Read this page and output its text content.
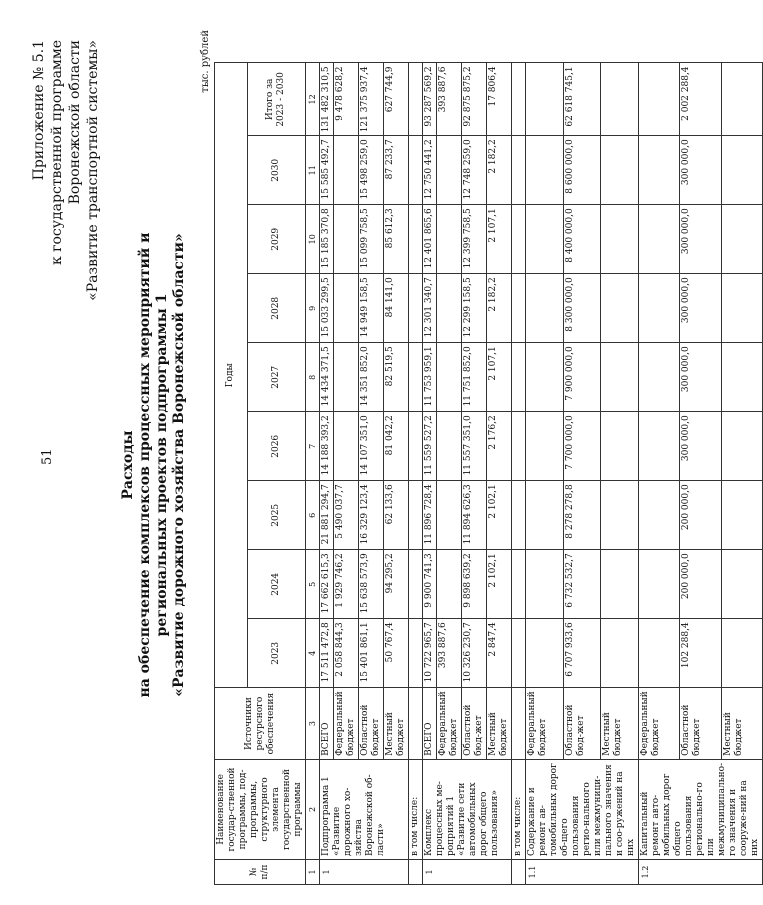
51
Приложение № 5.1 к государственной программе Воронежской области «Развитие транспортной системы»
Расходы на обеспечение комплексов процессных мероприятий и региональных проектов подпрограммы 1 «Развитие дорожного хозяйства Воронежской области»
тыс. рублей
№ п/п	Наименование государ-ственной программы, под-программы, структурного элемента государственной программы	Источники ресурсного обеспечения	Годы								
			2023	2024	2025	2026	2027	2028	2029	2030	Итого за 2023 - 2030
1	2	3	4	5	6	7	8	9	10	11	12
1	Подпрограмма 1 «Развитие дорожного хо-зяйства Воронежской об-ласти»	ВСЕГО	17 511 472,8	17 662 615,3	21 881 294,7	14 188 393,2	14 434 371,5	15 033 299,5	15 185 370,8	15 585 492,7	131 482 310,5
		Федеральный бюджет	2 058 844,3	1 929 746,2	5 490 037,7						9 478 628,2
		Областной бюджет	15 401 861,1	15 638 573,9	16 329 123,4	14 107 351,0	14 351 852,0	14 949 158,5	15 099 758,5	15 498 259,0	121 375 937,4
		Местный бюджет	50 767,4	94 295,2	62 133,6	81 042,2	82 519,5	84 141,0	85 612,3	87 233,7	627 744,9
	в том числе:										
1	Комплекс процессных ме-роприятий 1 «Развитие сети автомобильных дорог общего пользования»	ВСЕГО	10 722 965,7	9 900 741,3	11 896 728,4	11 559 527,2	11 753 959,1	12 301 340,7	12 401 865,6	12 750 441,2	93 287 569,2
		Федеральный бюджет	393 887,6								393 887,6
		Областной бюд-жет	10 326 230,7	9 898 639,2	11 894 626,3	11 557 351,0	11 751 852,0	12 299 158,5	12 399 758,5	12 748 259,0	92 875 875,2
		Местный бюджет	2 847,4	2 102,1	2 102,1	2 176,2	2 107,1	2 182,2	2 107,1	2 182,2	17 806,4
	в том числе:										
1.1	Содержание и ремонт ав-томобильных дорог об-щего пользования регио-нального или межмуници-пального значения и соо-ружений на них	Федеральный бюджет									
		Областной бюд-жет	6 707 933,6	6 732 532,7	8 278 278,8	7 700 000,0	7 900 000,0	8 300 000,0	8 400 000,0	8 600 000,0	62 618 745,1
		Местный бюджет									
1.2	Капитальный ремонт авто-мобильных дорог общего пользования регионально-го или межмуниципально-го значения и сооруже-ний на них	Федеральный бюджет									
		Областной бюджет	102 288,4	200 000,0	200 000,0	300 000,0	300 000,0	300 000,0	300 000,0	300 000,0	2 002 288,4
		Местный бюджет									
